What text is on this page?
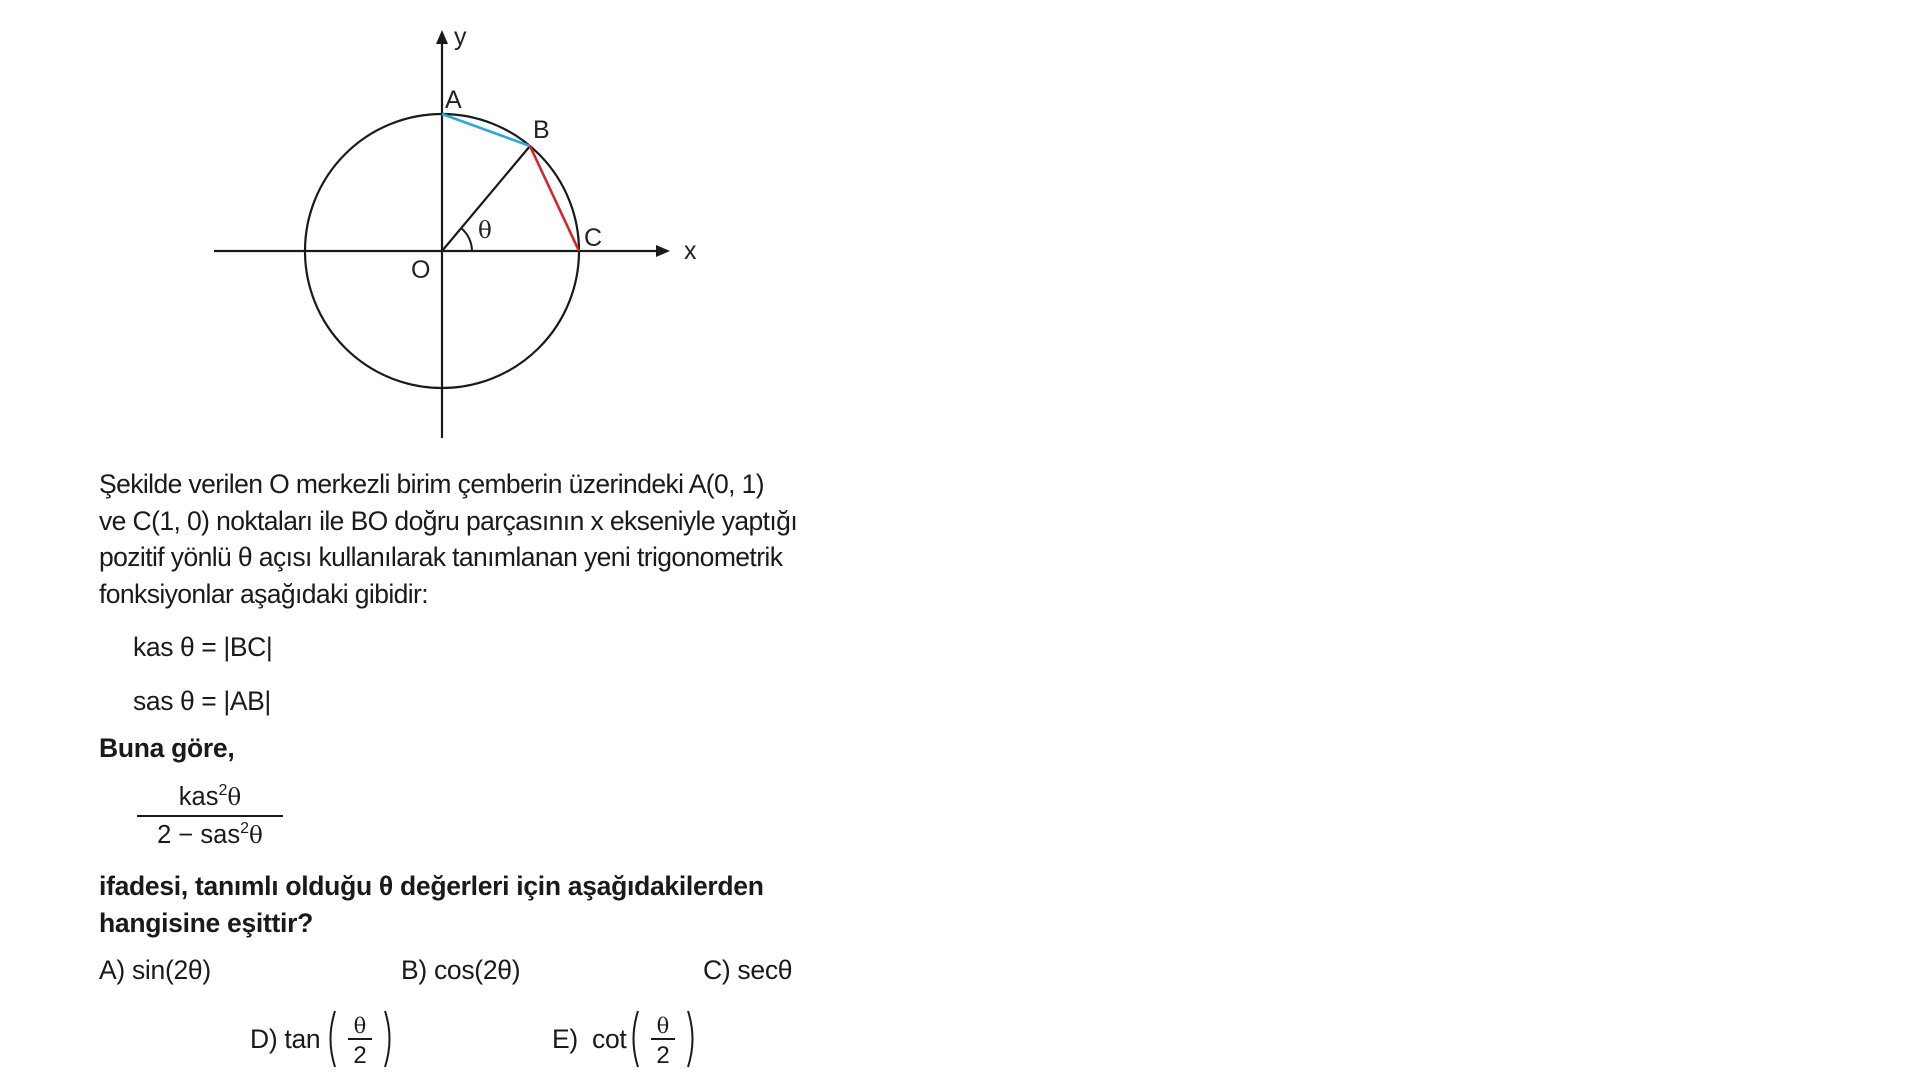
y
x
A
B
C
O
θ
Şekilde verilen O merkezli birim çemberin üzerindeki A(0, 1)
ve C(1, 0) noktaları ile BO doğru parçasının x ekseniyle yaptığı
pozitif yönlü θ açısı kullanılarak tanımlanan yeni trigonometrik
fonksiyonlar aşağıdaki gibidir:
kas θ = |BC|
sas θ = |AB|
Buna göre,
kas$^2$θ
2 − sas$^2$θ
ifadesi, tanımlı olduğu θ değerleri için aşağıdakilerden
hangisine eşittir?
A) sin(2θ)	B) cos(2θ)	C) secθ
D) tan θ
2
E)  cot θ
2
